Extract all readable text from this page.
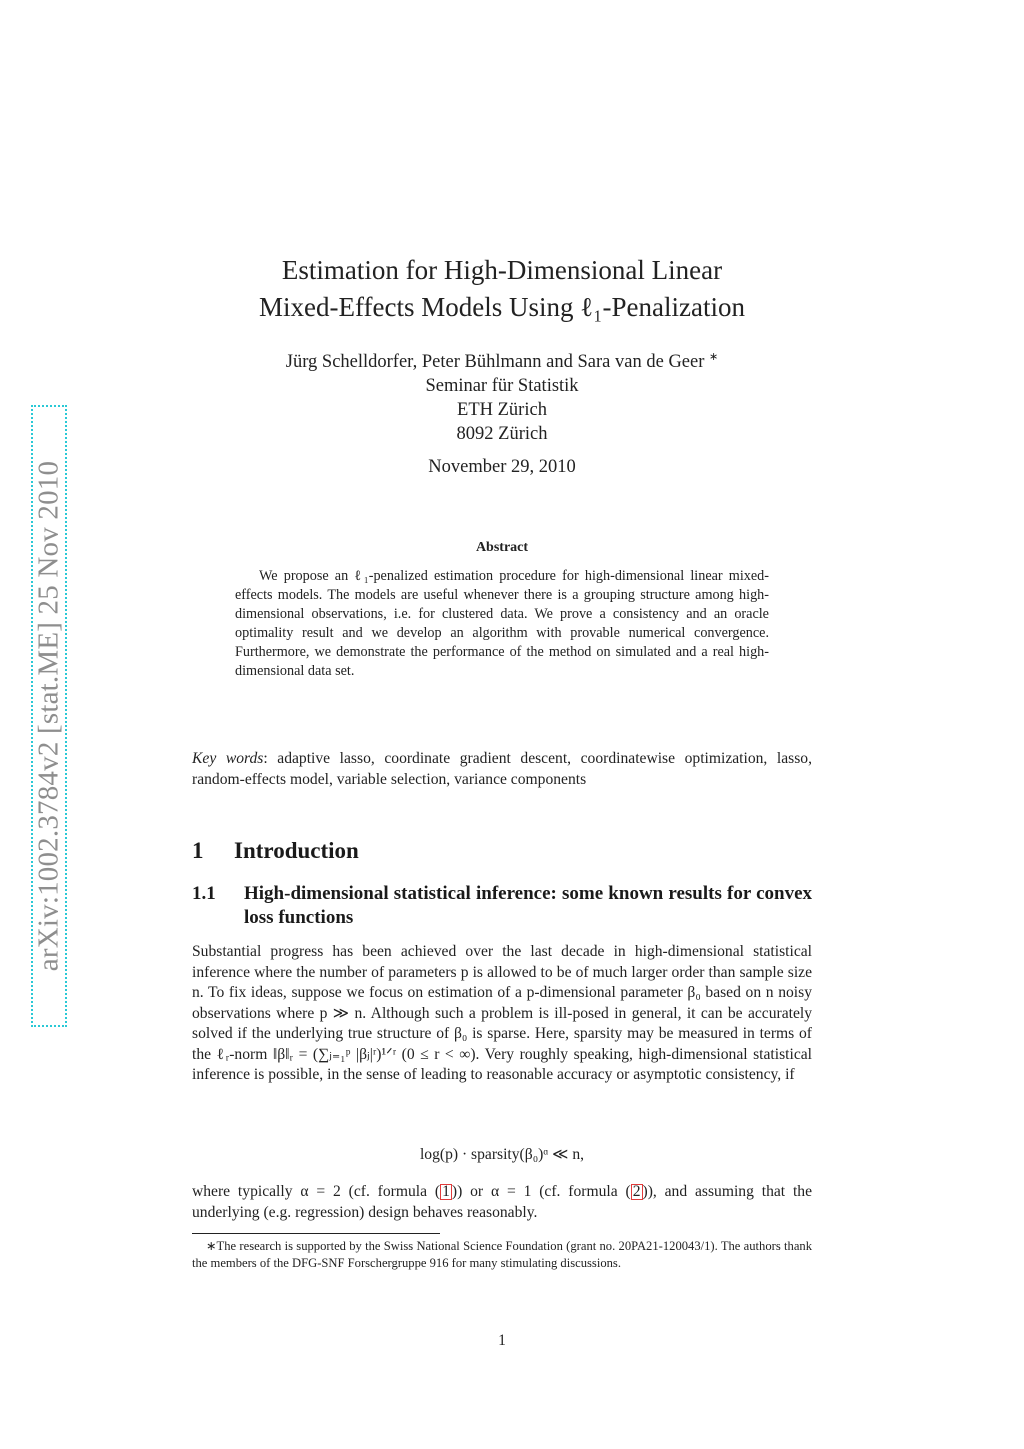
arXiv:1002.3784v2 [stat.ME] 25 Nov 2010
Estimation for High-Dimensional Linear
Mixed-Effects Models Using ℓ₁-Penalization
Jürg Schelldorfer, Peter Bühlmann and Sara van de Geer ∗
Seminar für Statistik
ETH Zürich
8092 Zürich
November 29, 2010
Abstract
We propose an ℓ₁-penalized estimation procedure for high-dimensional linear mixed-effects models. The models are useful whenever there is a grouping structure among high-dimensional observations, i.e. for clustered data. We prove a consistency and an oracle optimality result and we develop an algorithm with provable numerical convergence. Furthermore, we demonstrate the performance of the method on simulated and a real high-dimensional data set.
Key words: adaptive lasso, coordinate gradient descent, coordinatewise optimization, lasso, random-effects model, variable selection, variance components
1 Introduction
1.1 High-dimensional statistical inference: some known results for convex loss functions
Substantial progress has been achieved over the last decade in high-dimensional statistical inference where the number of parameters p is allowed to be of much larger order than sample size n. To fix ideas, suppose we focus on estimation of a p-dimensional parameter β₀ based on n noisy observations where p ≫ n. Although such a problem is ill-posed in general, it can be accurately solved if the underlying true structure of β₀ is sparse. Here, sparsity may be measured in terms of the ℓᵣ-norm ‖β‖ᵣ = (∑ⱼ₌₁ᵖ |βⱼ|ʳ)¹ᐟʳ (0 ≤ r < ∞). Very roughly speaking, high-dimensional statistical inference is possible, in the sense of leading to reasonable accuracy or asymptotic consistency, if
log(p) · sparsity(β₀)ᵅ ≪ n,
where typically α = 2 (cf. formula ( 1 )) or α = 1 (cf. formula ( 2 )), and assuming that the underlying (e.g. regression) design behaves reasonably.
∗The research is supported by the Swiss National Science Foundation (grant no. 20PA21-120043/1). The authors thank the members of the DFG-SNF Forschergruppe 916 for many stimulating discussions.
1
